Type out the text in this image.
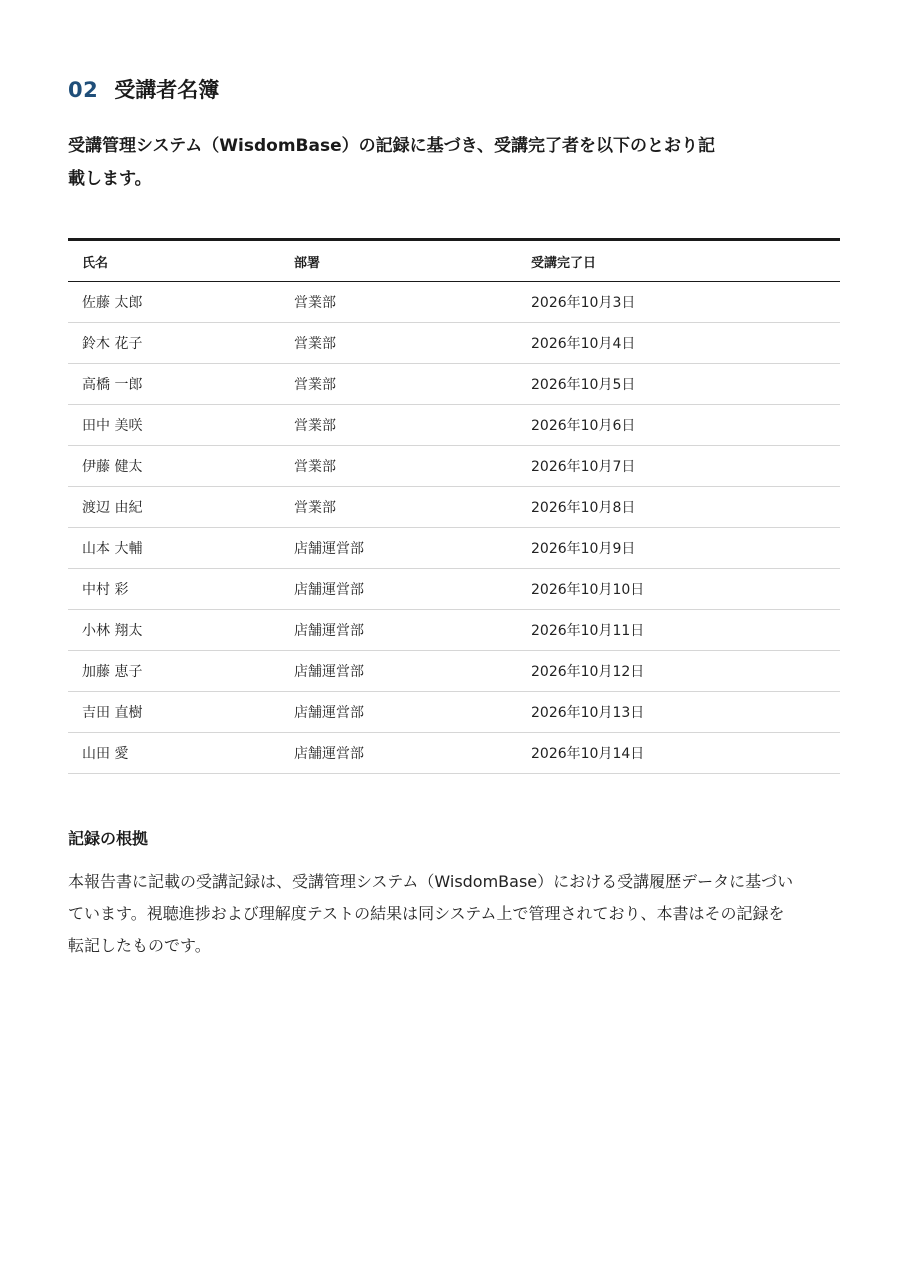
02 受講者名簿

受講管理システム（WisdomBase）の記録に基づき、受講完了者を以下のとおり記載します。

氏名	部署	受講完了日
佐藤 太郎	営業部	2026年10月3日
鈴木 花子	営業部	2026年10月4日
高橋 一郎	営業部	2026年10月5日
田中 美咲	営業部	2026年10月6日
伊藤 健太	営業部	2026年10月7日
渡辺 由紀	営業部	2026年10月8日
山本 大輔	店舗運営部	2026年10月9日
中村 彩	店舗運営部	2026年10月10日
小林 翔太	店舗運営部	2026年10月11日
加藤 恵子	店舗運営部	2026年10月12日
吉田 直樹	店舗運営部	2026年10月13日
山田 愛	店舗運営部	2026年10月14日
記録の根拠

本報告書に記載の受講記録は、受講管理システム（WisdomBase）における受講履歴データに基づいています。視聴進捗および理解度テストの結果は同システム上で管理されており、本書はその記録を転記したものです。
